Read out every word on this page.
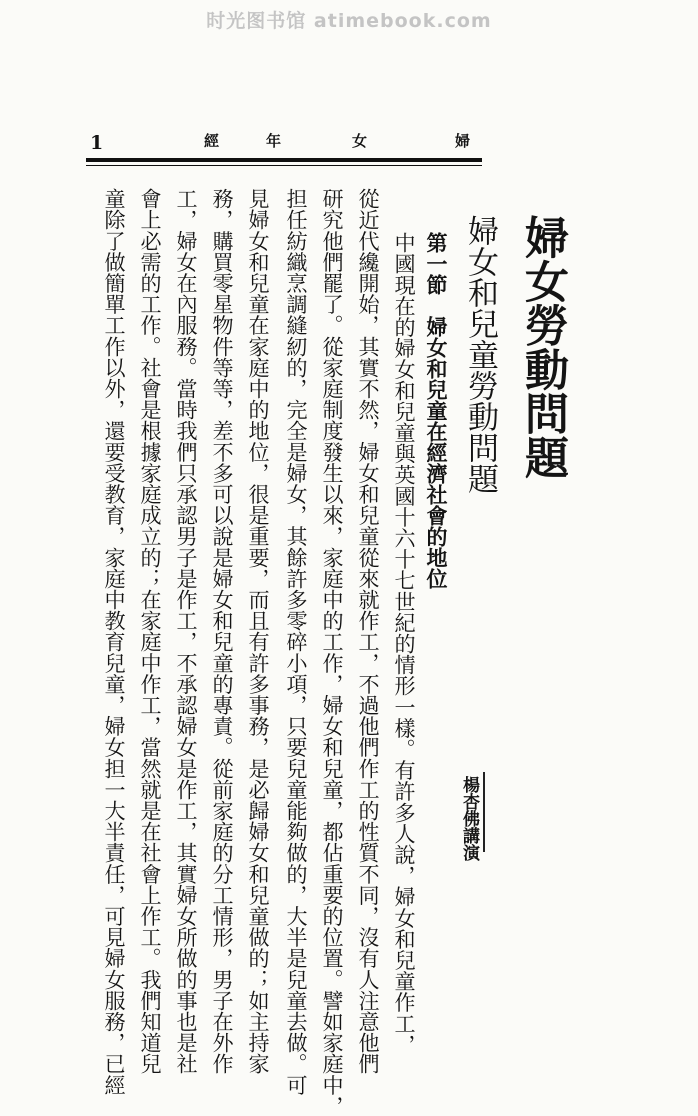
时光图书馆 atimebook.com
1	經	年	女	婦
婦女勞動問題
婦女和兒童勞動問題
第一節　婦女和兒童在經濟社會的地位
楊杏佛講演
中國現在的婦女和兒童與英國十六十七世紀的情形一樣。有許多人說，婦女和兒童作工，
從近代纔開始，其實不然，婦女和兒童從來就作工，不過他們作工的性質不同，沒有人注意他們
研究他們罷了。從家庭制度發生以來，家庭中的工作，婦女和兒童，都佔重要的位置。譬如家庭中，
担任紡織烹調縫紉的，完全是婦女，其餘許多零碎小項，只要兒童能夠做的，大半是兒童去做。可
見婦女和兒童在家庭中的地位，很是重要，而且有許多事務，是必歸婦女和兒童做的；如主持家
務，購買零星物件等等，差不多可以說是婦女和兒童的專責。從前家庭的分工情形，男子在外作
工，婦女在內服務。當時我們只承認男子是作工，不承認婦女是作工，其實婦女所做的事也是社
會上必需的工作。社會是根據家庭成立的；在家庭中作工，當然就是在社會上作工。我們知道兒
童除了做簡單工作以外，還要受教育，家庭中教育兒童，婦女担一大半責任，可見婦女服務，已經
